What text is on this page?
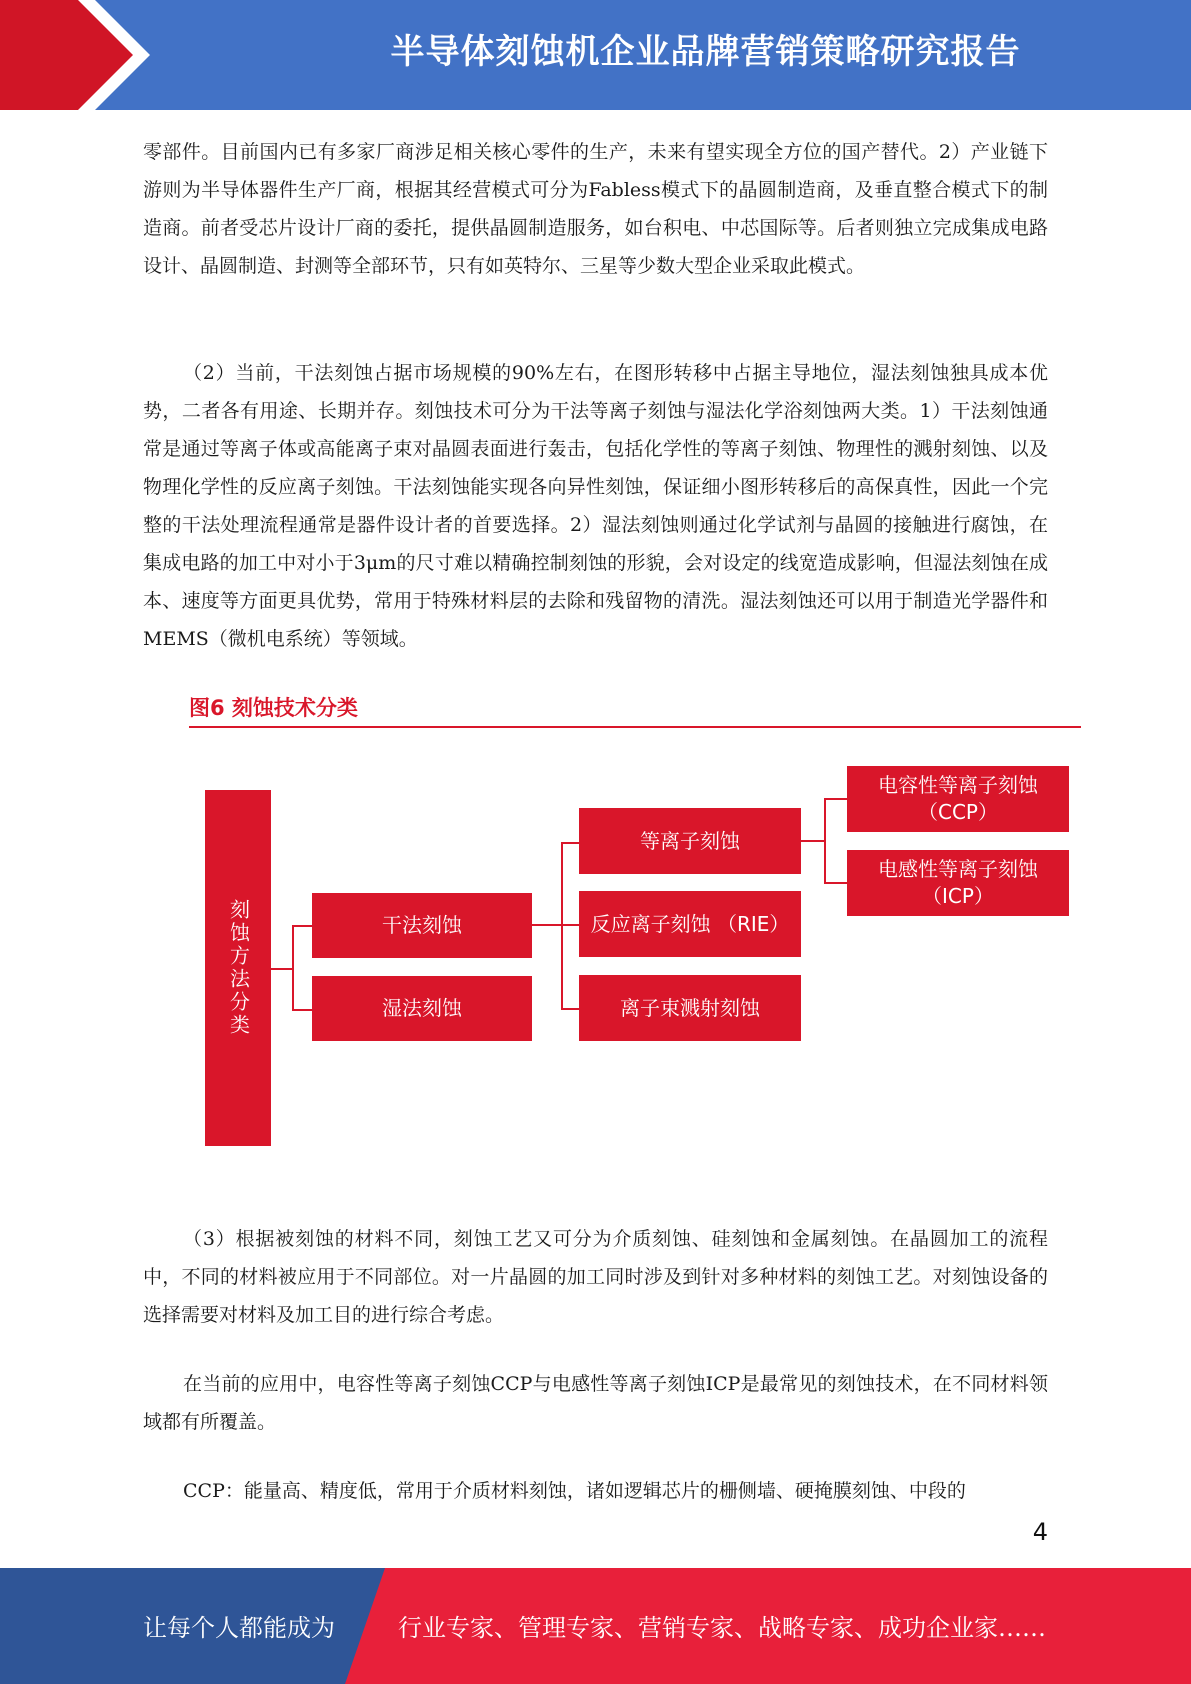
半导体刻蚀机企业品牌营销策略研究报告

零部件。目前国内已有多家厂商涉足相关核心零件的生产，未来有望实现全方位的国产替代。2）产业链下游则为半导体器件生产厂商，根据其经营模式可分为Fabless模式下的晶圆制造商，及垂直整合模式下的制造商。前者受芯片设计厂商的委托，提供晶圆制造服务，如台积电、中芯国际等。后者则独立完成集成电路设计、晶圆制造、封测等全部环节，只有如英特尔、三星等少数大型企业采取此模式。

（2）当前，干法刻蚀占据市场规模的90%左右，在图形转移中占据主导地位，湿法刻蚀独具成本优势，二者各有用途、长期并存。刻蚀技术可分为干法等离子刻蚀与湿法化学浴刻蚀两大类。1）干法刻蚀通常是通过等离子体或高能离子束对晶圆表面进行轰击，包括化学性的等离子刻蚀、物理性的溅射刻蚀、以及物理化学性的反应离子刻蚀。干法刻蚀能实现各向异性刻蚀，保证细小图形转移后的高保真性，因此一个完整的干法处理流程通常是器件设计者的首要选择。2）湿法刻蚀则通过化学试剂与晶圆的接触进行腐蚀，在集成电路的加工中对小于3μm的尺寸难以精确控制刻蚀的形貌，会对设定的线宽造成影响，但湿法刻蚀在成本、速度等方面更具优势，常用于特殊材料层的去除和残留物的清洗。湿法刻蚀还可以用于制造光学器件和MEMS（微机电系统）等领域。

图6 刻蚀技术分类
刻蚀方法分类	干法刻蚀
湿法刻蚀
等离子刻蚀
反应离子刻蚀 （RIE）
离子束溅射刻蚀
电容性等离子刻蚀
（CCP）
电感性等离子刻蚀
（ICP）

（3）根据被刻蚀的材料不同，刻蚀工艺又可分为介质刻蚀、硅刻蚀和金属刻蚀。在晶圆加工的流程中，不同的材料被应用于不同部位。对一片晶圆的加工同时涉及到针对多种材料的刻蚀工艺。对刻蚀设备的选择需要对材料及加工目的进行综合考虑。

在当前的应用中，电容性等离子刻蚀CCP与电感性等离子刻蚀ICP是最常见的刻蚀技术，在不同材料领域都有所覆盖。

CCP：能量高、精度低，常用于介质材料刻蚀，诸如逻辑芯片的栅侧墙、硬掩膜刻蚀、中段的

4
让每个人都能成为	行业专家、管理专家、营销专家、战略专家、成功企业家……
